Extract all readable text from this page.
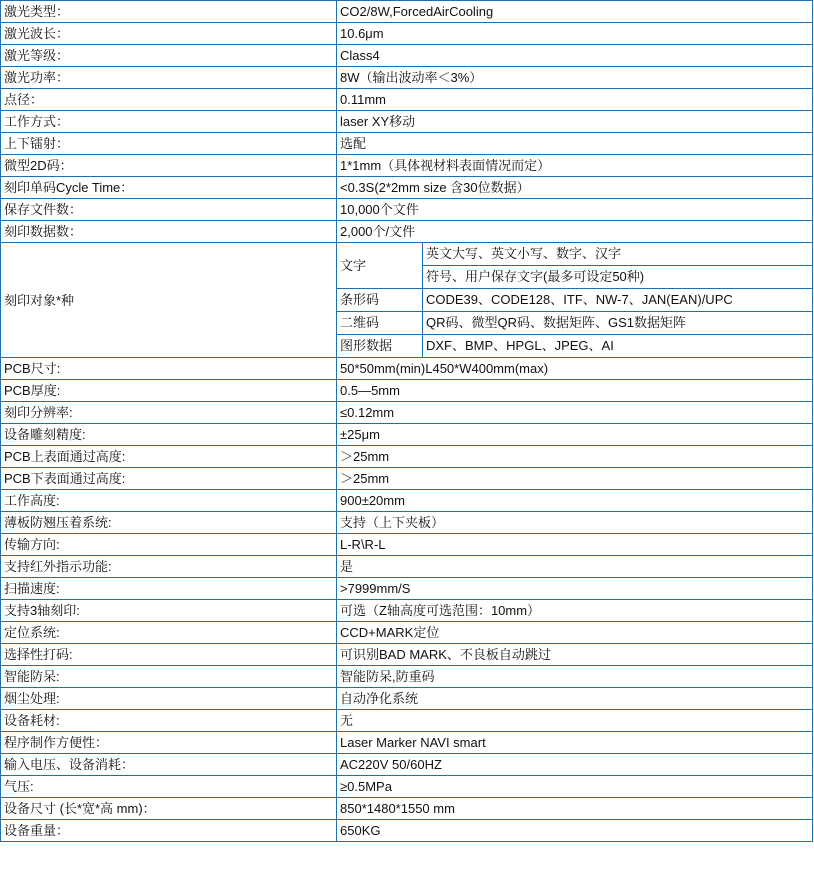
激光类型：	CO2/8W,ForcedAirCooling	
激光波长：	10.6μm	
激光等级：	Class4	
激光功率：	8W（输出波动率＜3%）	
点径：	0.11mm	
工作方式：	laser XY移动	
上下镭射：	选配	
微型2D码：	1*1mm（具体视材料表面情况而定）	
刻印单码Cycle Time：	<0.3S(2*2mm size 含30位数据）	
保存文件数：	10,000个文件	
刻印数据数：	2,000个/文件	
刻印对象*种	文字	英文大写、英文小写、数字、汉字
		符号、用户保存文字(最多可设定50种)
	条形码	CODE39、CODE128、ITF、NW-7、JAN(EAN)/UPC
	二维码	QR码、微型QR码、数据矩阵、GS1数据矩阵
	图形数据	DXF、BMP、HPGL、JPEG、AI
PCB尺寸:	50*50mm(min)L450*W400mm(max)	
PCB厚度:	0.5—5mm	
刻印分辨率:	≤0.12mm	
设备雕刻精度:	±25μm	
PCB上表面通过高度:	＞25mm	
PCB下表面通过高度:	＞25mm	
工作高度:	900±20mm	
薄板防翘压着系统:	支持（上下夹板）	
传输方向:	L-R\R-L	
支持红外指示功能:	是	
扫描速度:	>7999mm/S	
支持3轴刻印:	可选（Z轴高度可选范围：10mm）	
定位系统:	CCD+MARK定位	
选择性打码:	可识别BAD MARK、不良板自动跳过	
智能防呆:	智能防呆,防重码	
烟尘处理:	自动净化系统	
设备耗材:	无	
程序制作方便性：	Laser Marker NAVI smart	
输入电压、设备消耗：	AC220V 50/60HZ	
气压:	≥0.5MPa	
设备尺寸 (长*宽*高 mm)：	850*1480*1550 mm	
设备重量：	650KG	
